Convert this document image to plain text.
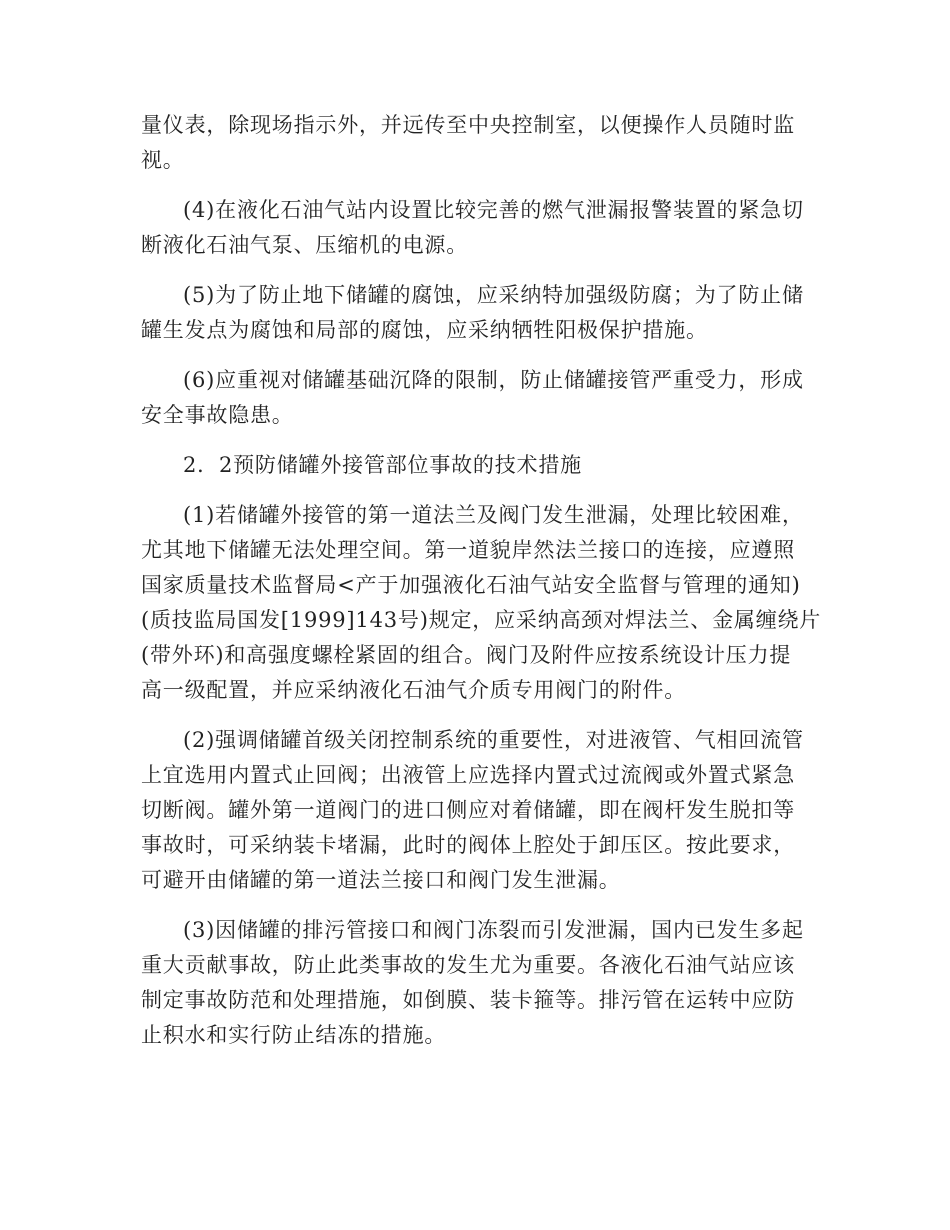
量仪表，除现场指示外，并远传至中央控制室，以便操作人员随时监
视。
(4)在液化石油气站内设置比较完善的燃气泄漏报警装置的紧急切
断液化石油气泵、压缩机的电源。
(5)为了防止地下储罐的腐蚀，应采纳特加强级防腐；为了防止储
罐生发点为腐蚀和局部的腐蚀，应采纳牺牲阳极保护措施。
(6)应重视对储罐基础沉降的限制，防止储罐接管严重受力，形成
安全事故隐患。
2．2预防储罐外接管部位事故的技术措施
(1)若储罐外接管的第一道法兰及阀门发生泄漏，处理比较困难，
尤其地下储罐无法处理空间。第一道貌岸然法兰接口的连接，应遵照
国家质量技术监督局<产于加强液化石油气站安全监督与管理的通知)
(质技监局国发[1999]143号)规定，应采纳高颈对焊法兰、金属缠绕片
(带外环)和高强度螺栓紧固的组合。阀门及附件应按系统设计压力提
高一级配置，并应采纳液化石油气介质专用阀门的附件。
(2)强调储罐首级关闭控制系统的重要性，对进液管、气相回流管
上宜选用内置式止回阀；出液管上应选择内置式过流阀或外置式紧急
切断阀。罐外第一道阀门的进口侧应对着储罐，即在阀杆发生脱扣等
事故时，可采纳装卡堵漏，此时的阀体上腔处于卸压区。按此要求，
可避开由储罐的第一道法兰接口和阀门发生泄漏。
(3)因储罐的排污管接口和阀门冻裂而引发泄漏，国内已发生多起
重大贡献事故，防止此类事故的发生尤为重要。各液化石油气站应该
制定事故防范和处理措施，如倒膜、装卡箍等。排污管在运转中应防
止积水和实行防止结冻的措施。
